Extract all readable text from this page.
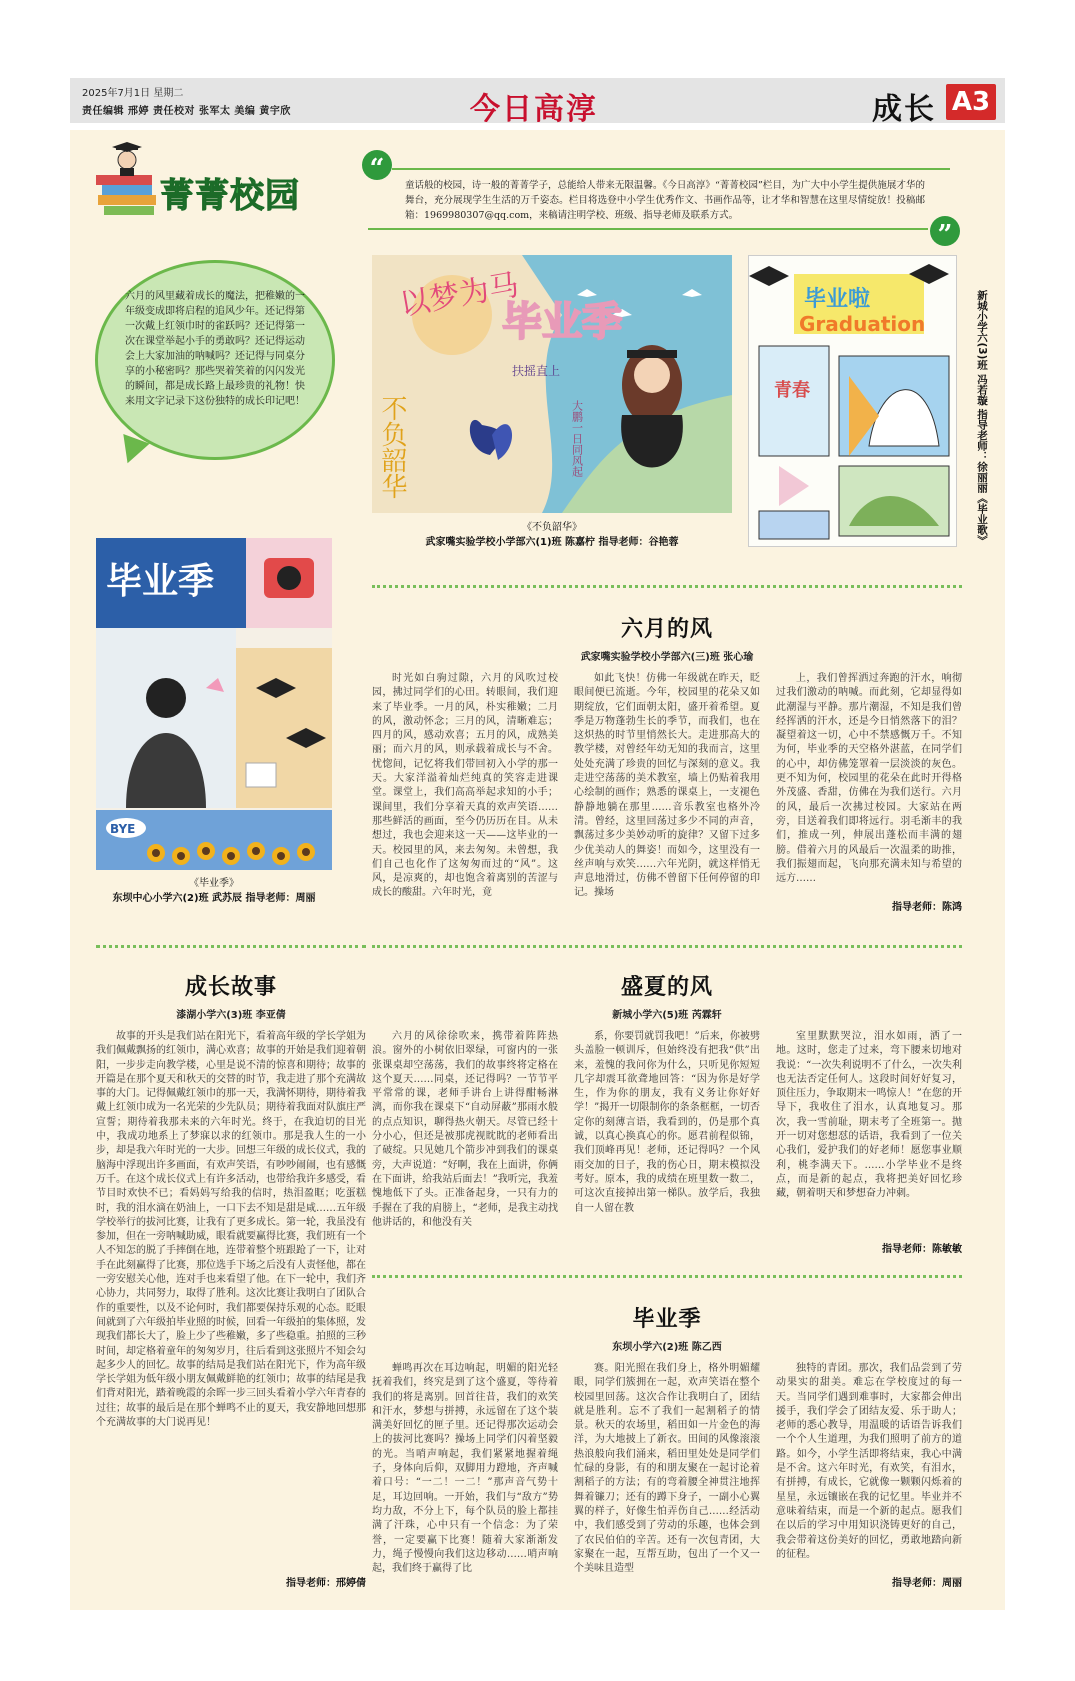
2025年7月1日 星期二
责任编辑 邢婷 责任校对 张军太 美编 黄宇欣	今日高淳	成长 A3
菁菁校园
六月的风里藏着成长的魔法，把稚嫩的一年级变成即将启程的追风少年。还记得第一次戴上红领巾时的雀跃吗？还记得第一次在课堂举起小手的勇敢吗？还记得运动会上大家加油的呐喊吗？还记得与同桌分享的小秘密吗？那些哭着笑着的闪闪发光的瞬间，都是成长路上最珍贵的礼物！快来用文字记录下这份独特的成长印记吧！
“
童话般的校园，诗一般的菁菁学子，总能给人带来无限温馨。《今日高淳》“菁菁校园”栏目，为广大中小学生提供施展才华的舞台，充分展现学生生活的万千姿态。栏目将选登中小学生优秀作文、书画作品等，让才华和智慧在这里尽情绽放！投稿邮箱：1969980307@qq.com，来稿请注明学校、班级、指导老师及联系方式。
”
以梦为马
不负韶华
毕业季
扶摇直上
大鹏一日同风起
《不负韶华》
武家嘴实验学校小学部六(1)班 陈嘉柠 指导老师：谷艳蓉
毕业啦
Graduation
青春	新城小学六(3)班 冯若璇 指导老师：徐丽丽《毕业歌》
毕业季
BYE
《毕业季》
东坝中心小学六(2)班 武苏辰 指导老师：周丽
六月的风
武家嘴实验学校小学部六(三)班 张心瑜

时光如白驹过隙，六月的风吹过校园，拂过同学们的心田。转眼间，我们迎来了毕业季。一月的风，朴实稚嫩；二月的风，激动怀念；三月的风，清晰难忘；四月的风，感动欢喜；五月的风，成熟美丽；而六月的风，则承载着成长与不舍。忧惚间，记忆将我们带回初入小学的那一天。大家洋溢着灿烂纯真的笑容走进课堂。课堂上，我们高高举起求知的小手；课间里，我们分享着天真的欢声笑语……那些鲜活的画面，至今仍历历在目。从未想过，我也会迎来这一天——这毕业的一天。校园里的风，来去匆匆。未曾想，我们自己也化作了这匆匆而过的“风”。这风，是凉爽的，却也饱含着离别的苦涩与成长的酸甜。六年时光，竟

如此飞快！仿佛一年级就在昨天，眨眼间便已流逝。今年，校园里的花朵又如期绽放，它们面朝太阳，盛开着希望。夏季是万物蓬勃生长的季节，而我们，也在这炽热的时节里悄然长大。走进那高大的教学楼，对曾经年幼无知的我而言，这里处处充满了珍贵的回忆与深刻的意义。我走进空荡荡的美术教室，墙上仍贴着我用心绘制的画作；熟悉的课桌上，一支褪色静静地躺在那里……音乐教室也格外冷清。曾经，这里回荡过多少不同的声音，飘荡过多少美妙动听的旋律？又留下过多少优美动人的舞姿！而如今，这里没有一丝声响与欢笑……六年光阴，就这样悄无声息地滑过，仿佛不曾留下任何停留的印记。操场

上，我们曾挥洒过奔跑的汗水，响彻过我们激动的呐喊。而此刻，它却显得如此潮湿与平静。那片潮湿，不知是我们曾经挥洒的汗水，还是今日悄然落下的泪？凝望着这一切，心中不禁感慨万千。不知为何，毕业季的天空格外湛蓝，在同学们的心中，却仿佛笼罩着一层淡淡的灰色。更不知为何，校园里的花朵在此时开得格外茂盛、香甜，仿佛在为我们送行。六月的风，最后一次拂过校园。大家站在两旁，目送着我们即将远行。羽毛渐丰的我们，推成一列，伸展出蓬松而丰满的翅膀。借着六月的风最后一次温柔的助推，我们振翅而起，飞向那充满未知与希望的远方……

指导老师：陈鸿
成长故事
漆湖小学六(3)班 李亚倩

故事的开头是我们站在阳光下，看着高年级的学长学姐为我们佩戴飘扬的红领巾，满心欢喜；故事的开始是我们迎着朝阳，一步步走向教学楼，心里是说不清的惊喜和期待；故事的开篇是在那个夏天和秋天的交替的时节，我走进了那个充满故事的大门。记得佩戴红领巾的那一天，我满怀期待，期待着我戴上红领巾成为一名光荣的少先队员；期待着我面对队旗庄严宣誓；期待着我那未来的六年时光。终于，在我迫切的目光中，我成功地系上了梦寐以求的红领巾。那是我人生的一小步，却是我六年时光的一大步。回想三年级的成长仪式，我的脑海中浮现出许多画面，有欢声笑语，有吵吵闹闹，也有感慨万千。在这个成长仪式上有许多活动，也带给我许多感受，看节目时欢快不已；看妈妈写给我的信时，热泪盈眶；吃蛋糕时，我的泪水滴在奶油上，一口下去不知是甜是咸……五年级学校举行的拔河比赛，让我有了更多成长。第一轮，我虽没有参加，但在一旁呐喊助威，眼看就要赢得比赛，我们班有一个人不知怎的脱了手摔倒在地，连带着整个班跟跄了一下，让对手在此刻赢得了比赛，那位选手下场之后没有人责怪他，都在一旁安慰关心他，连对手也来看望了他。在下一轮中，我们齐心协力，共同努力，取得了胜利。这次比赛让我明白了团队合作的重要性，以及不论何时，我们都要保持乐观的心态。眨眼间就到了六年级拍毕业照的时候，回看一年级拍的集体照，发现我们都长大了，脸上少了些稚嫩，多了些稳重。拍照的三秒时间，却定格着童年的匆匆岁月，往后看到这张照片不知会勾起多少人的回忆。故事的结局是我们站在阳光下，作为高年级学长学姐为低年级小朋友佩戴鲜艳的红领巾；故事的结尾是我们背对阳光，踏着晚霞的余晖一步三回头看着小学六年青春的过往；故事的最后是在那个蝉鸣不止的夏天，我安静地回想那个充满故事的大门说再见！

指导老师：邢婷倩
盛夏的风
新城小学六(5)班 芮霖轩

六月的风徐徐吹来，携带着阵阵热浪。窗外的小树依旧翠绿，可窗内的一张张课桌却空荡荡，我们的故事终将定格在这个夏天……同桌，还记得吗？一节节平平常常的课，老师手讲台上讲得酣畅淋漓，而你我在课桌下“自动屏蔽”那雨水般的点点知识，聊得热火朝天。尽管已经十分小心，但还是被那虎视眈眈的老师看出了破绽。只见她几个箭步冲到我们的课桌旁，大声说道：“好啊，我在上面讲，你俩在下面讲，给我站后面去！”我听完，我羞愧地低下了头。正准备起身，一只有力的手握在了我的肩膀上，“老师，是我主动找他讲话的，和他没有关

系，你要罚就罚我吧！”后来，你被劈头盖脸一顿训斥，但始终没有把我“供”出来，羞愧的我问你为什么，只听见你短短几字却震耳欲聋地回答：“因为你是好学生，作为你的朋友，我有义务让你好好学！”揭开一切限制你的条条框框，一切否定你的刻薄言语，我看到的，仍是那个真诚，以真心换真心的你。愿君前程似锦，我们顶峰再见！老师，还记得吗？一个风雨交加的日子，我的伤心日，期末模拟没考好。原本，我的成绩在班里数一数二，可这次直接掉出第一梯队。放学后，我独自一人留在教

室里默默哭泣，泪水如雨，洒了一地。这时，您走了过来，弯下腰来切地对我说：“一次失利说明不了什么，一次失利也无法否定任何人。这段时间好好复习，顶住压力，争取期末一鸣惊人！”在您的开导下，我收住了泪水，认真地复习。那次，我一雪前耻，期末考了全班第一。抛开一切对您想怼的话语，我看到了一位关心我们，爱护我们的好老师！愿您事业顺利，桃李满天下。……小学毕业不是终点，而是新的起点，我将把美好回忆珍藏，朝着明天和梦想奋力冲刺。

指导老师：陈敏敏
毕业季
东坝小学六(2)班 陈乙西

蝉鸣再次在耳边响起，明媚的阳光轻抚着我们，终究是到了这个盛夏，等待着我们的将是离别。回首往昔，我们的欢笑和汗水，梦想与拼搏，永远留在了这个装满美好回忆的匣子里。还记得那次运动会上的拔河比赛吗？操场上同学们闪着坚毅的光。当哨声响起，我们紧紧地握着绳子，身体向后仰，双脚用力蹬地，齐声喊着口号：“一二！一二！”那声音气势十足，耳边回响。一开始，我们与“敌方”势均力敌，不分上下，每个队员的脸上都挂满了汗珠，心中只有一个信念：为了荣誉，一定要赢下比赛！随着大家渐渐发力，绳子慢慢向我们这边移动……哨声响起，我们终于赢得了比

赛。阳光照在我们身上，格外明媚耀眼，同学们簇拥在一起，欢声笑语在整个校园里回荡。这次合作让我明白了，团结就是胜利。忘不了我们一起割稻子的情景。秋天的农场里，稻田如一片金色的海洋，为大地披上了新衣。田间的风像滚滚热浪般向我们涌来，稻田里处处是同学们忙碌的身影，有的和朋友聚在一起讨论着割稻子的方法；有的弯着腰全神贯注地挥舞着镰刀；还有的蹲下身子，一副小心翼翼的样子，好像生怕弄伤自己……经活动中，我们感受到了劳动的乐趣，也体会到了农民伯伯的辛苦。还有一次包青团，大家聚在一起，互帮互助，包出了一个又一个美味且造型

独特的青团。那次，我们品尝到了劳动果实的甜美。难忘在学校度过的每一天。当同学们遇到难事时，大家都会伸出援手，我们学会了团结友爱、乐于助人；老师的悉心教导，用温暖的话语告诉我们一个个人生道理，为我们照明了前方的道路。如今，小学生活即将结束，我心中满是不舍。这六年时光，有欢笑，有泪水，有拼搏，有成长，它就像一颗颗闪烁着的星星，永远镶嵌在我的记忆里。毕业并不意味着结束，而是一个新的起点。愿我们在以后的学习中用知识浇铸更好的自己，我会带着这份美好的回忆，勇敢地踏向新的征程。

指导老师：周丽
